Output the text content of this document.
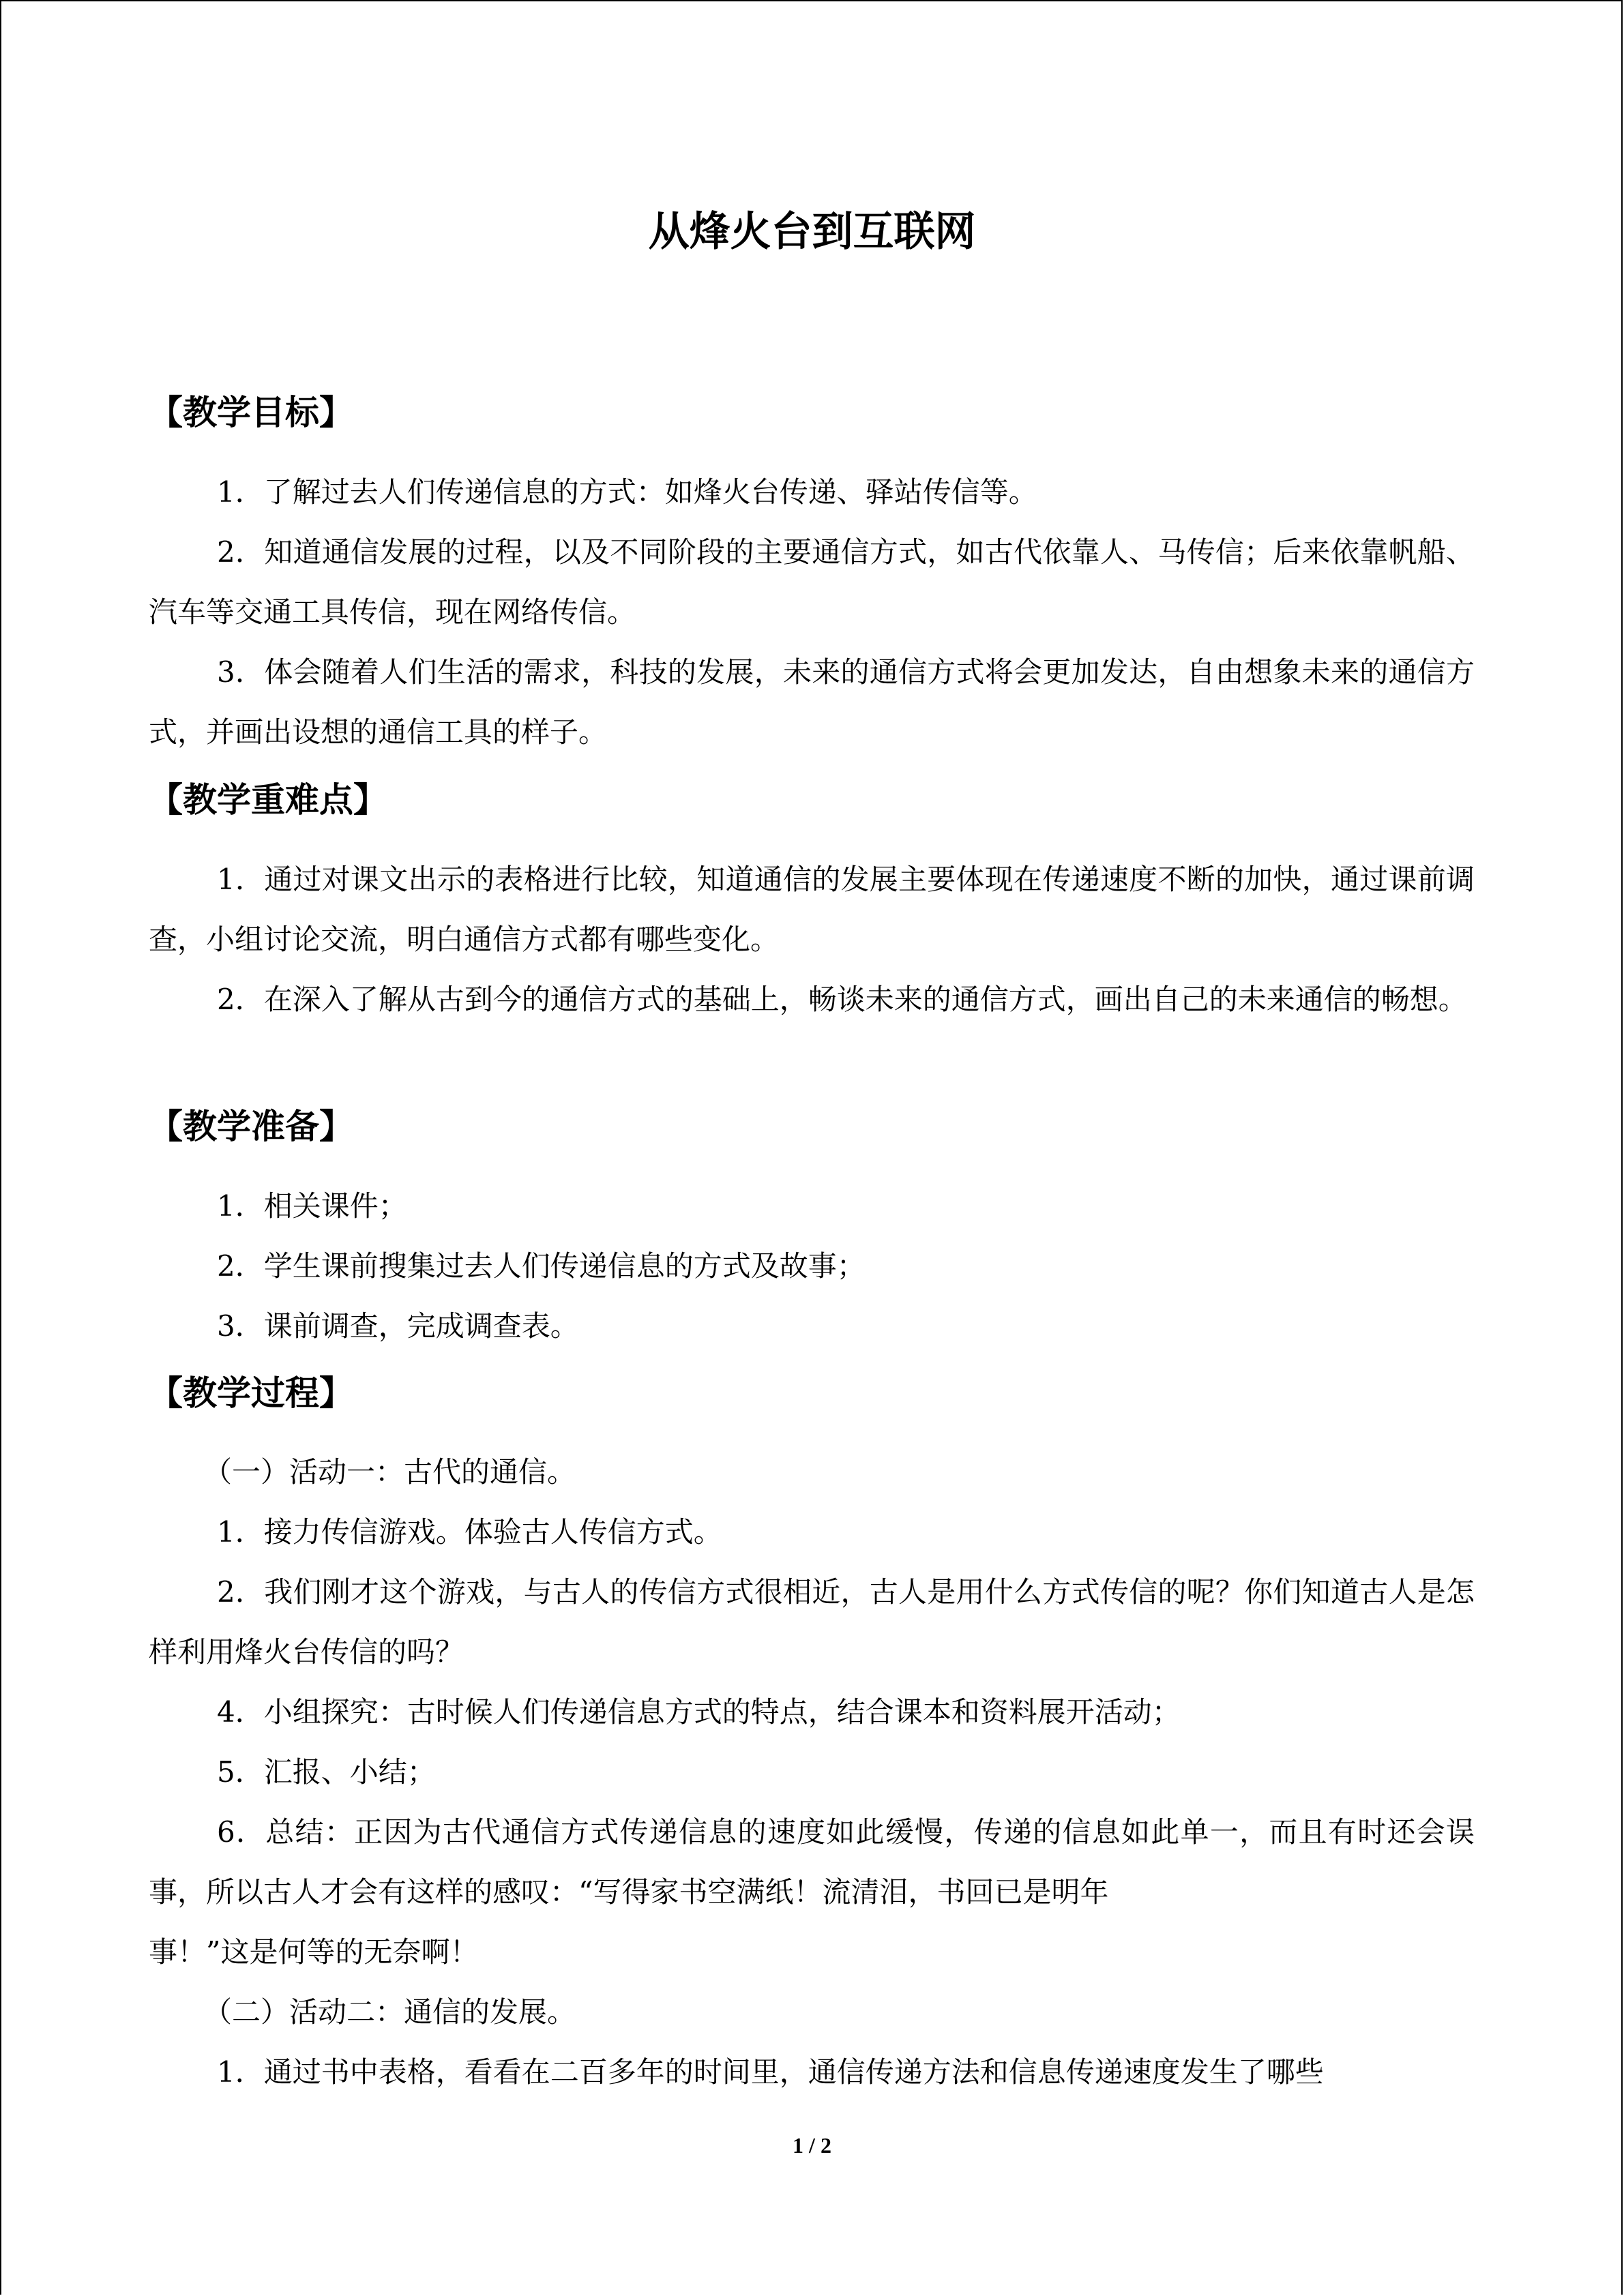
从烽火台到互联网
【教学目标】
1．了解过去人们传递信息的方式：如烽火台传递、驿站传信等。
2．知道通信发展的过程，以及不同阶段的主要通信方式，如古代依靠人、马传信；后来依靠帆船、汽车等交通工具传信，现在网络传信。
3．体会随着人们生活的需求，科技的发展，未来的通信方式将会更加发达，自由想象未来的通信方式，并画出设想的通信工具的样子。
【教学重难点】
1．通过对课文出示的表格进行比较，知道通信的发展主要体现在传递速度不断的加快，通过课前调查，小组讨论交流，明白通信方式都有哪些变化。
2．在深入了解从古到今的通信方式的基础上，畅谈未来的通信方式，画出自己的未来通信的畅想。
【教学准备】
1．相关课件；
2．学生课前搜集过去人们传递信息的方式及故事；
3．课前调查，完成调查表。
【教学过程】
（一）活动一：古代的通信。
1．接力传信游戏。体验古人传信方式。
2．我们刚才这个游戏，与古人的传信方式很相近，古人是用什么方式传信的呢？你们知道古人是怎样利用烽火台传信的吗？
4．小组探究：古时候人们传递信息方式的特点，结合课本和资料展开活动；
5．汇报、小结；
6．总结：正因为古代通信方式传递信息的速度如此缓慢，传递的信息如此单一，而且有时还会误事，所以古人才会有这样的感叹：“写得家书空满纸！流清泪，书回已是明年
事！”这是何等的无奈啊！
（二）活动二：通信的发展。
1．通过书中表格，看看在二百多年的时间里，通信传递方法和信息传递速度发生了哪些
1 / 2
